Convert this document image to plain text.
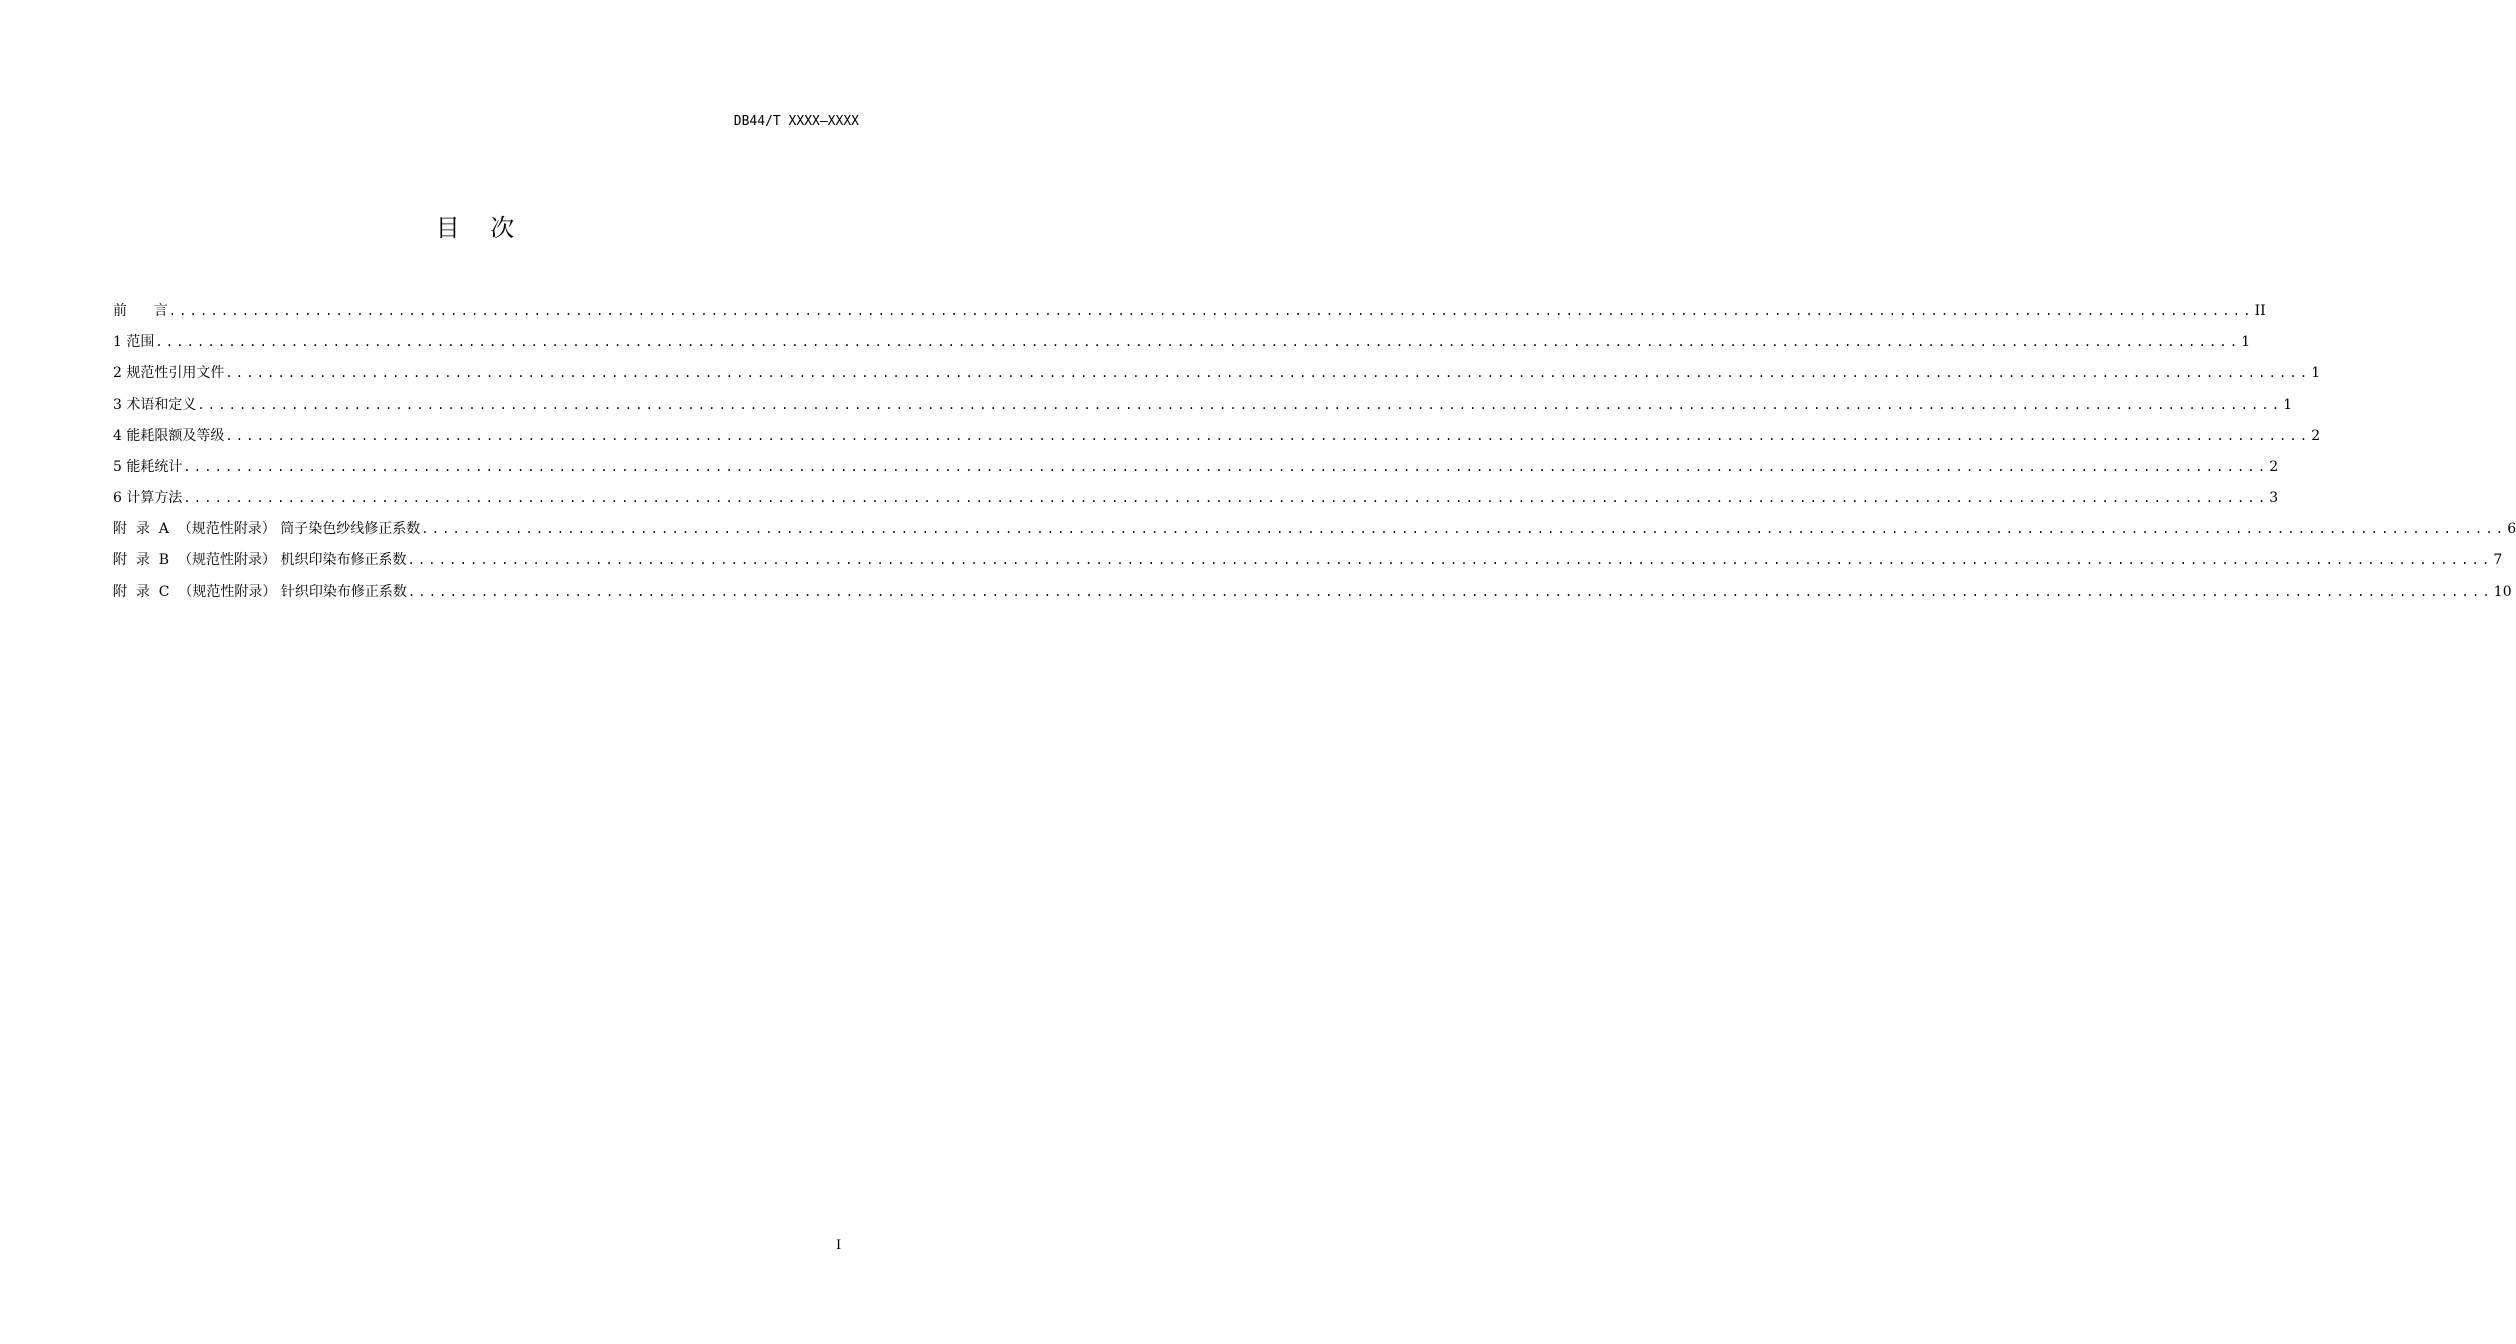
DB44/T XXXX—XXXX
目    次
前      言 ........................................................................................................................................................................................................ II
1 范围 ........................................................................................................................................................................................................ 1
2 规范性引用文件 ........................................................................................................................................................................................................ 1
3 术语和定义 ........................................................................................................................................................................................................ 1
4 能耗限额及等级 ........................................................................................................................................................................................................ 2
5 能耗统计 ........................................................................................................................................................................................................ 2
6 计算方法 ........................................................................................................................................................................................................ 3
附  录  A  （规范性附录） 筒子染色纱线修正系数 ........................................................................................................................................................................................................ 6
附  录  B  （规范性附录） 机织印染布修正系数 ........................................................................................................................................................................................................ 7
附  录  C  （规范性附录） 针织印染布修正系数 ........................................................................................................................................................................................................ 10
I
